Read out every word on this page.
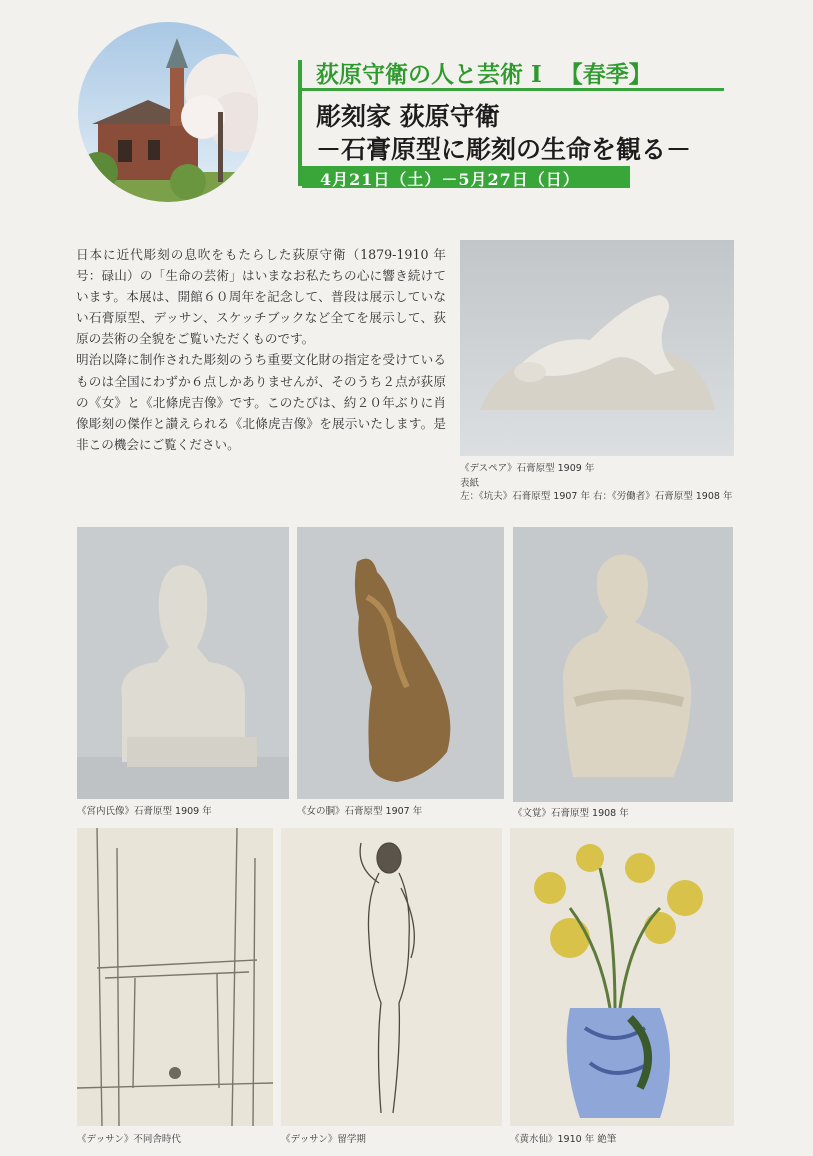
荻原守衛の人と芸術 Ⅰ 【春季】
彫刻家 荻原守衛
－石膏原型に彫刻の生命を観る－
4月21日（土）－5月27日（日）

日本に近代彫刻の息吹をもたらした荻原守衛（1879-1910 年 号：碌山）の「生命の芸術」はいまなお私たちの心に響き続けています。本展は、開館６０周年を記念して、普段は展示していない石膏原型、デッサン、スケッチブックなど全てを展示して、荻原の芸術の全貌をご覧いただくものです。

明治以降に制作された彫刻のうち重要文化財の指定を受けているものは全国にわずか６点しかありませんが、そのうち２点が荻原の《女》と《北條虎吉像》です。このたびは、約２０年ぶりに肖像彫刻の傑作と讃えられる《北條虎吉像》を展示いたします。是非この機会にご覧ください。

《デスペア》石膏原型 1909 年
表紙
左：《坑夫》石膏原型 1907 年 右：《労働者》石膏原型 1908 年
《宮内氏像》石膏原型 1909 年	《女の胴》石膏原型 1907 年	《文覚》石膏原型 1908 年
《デッサン》不同舎時代	《デッサン》留学期	《黄水仙》1910 年 絶筆
